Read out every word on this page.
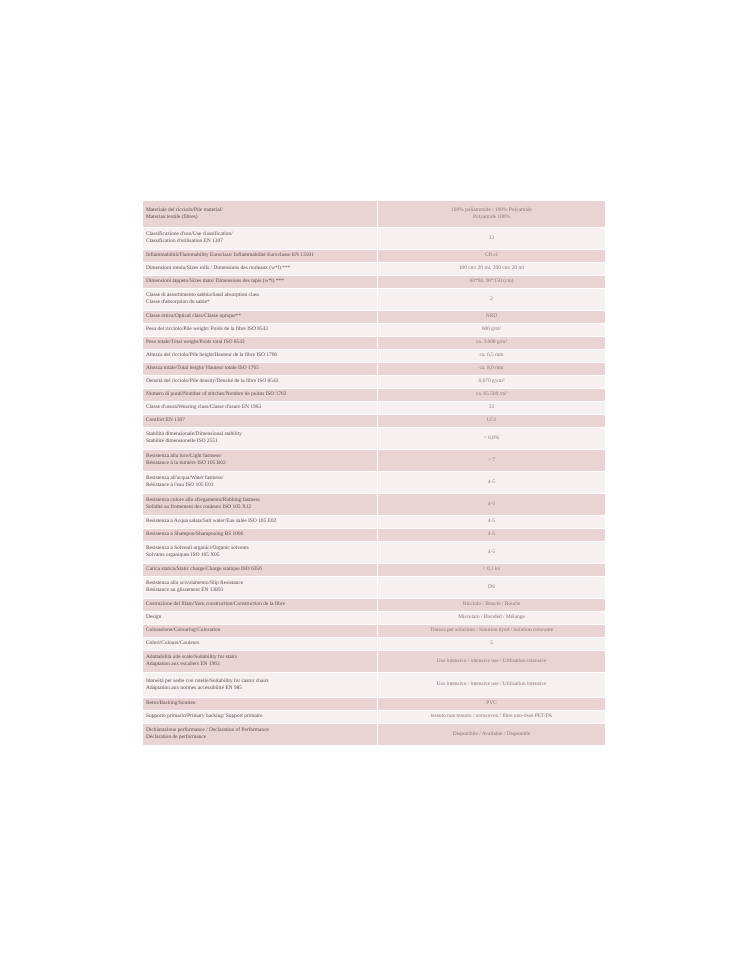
Materiale del ricciolo/Pile material/
Materiau textile (fibres)	100% poliammide / 100% Polyamide
Polyamide 100%

Classificazione d'uso/Use classification/
Classification d'utilisation EN 1307	33

Infiammabilità/Flammability Euroclass/ Inflammabilité Euroclasse EN 13501	Cfl s1

Dimensioni rotolo/Sizes rolls / Dimensions des rouleaux (w*l) ***	100 cm/ 20 ml, 200 cm/ 20 ml

Dimensioni tappeto/Sizes mats/ Dimensions des tapis (w*l) ***	60*90, 90*150 (cm)

Classe di assorbimento sabbia/Sand absorption class
Classe d'absorption du sable*	2

Classe ottica/Optical class/Classe optique**	NRD

Peso del ricciolo/Pile weight/ Poids de la fibre ISO 8543	600 g/m²

Peso totale/Total weight/Poids total ISO 8543	ca. 3.000 g/m²

Altezza del ricciolo/Pile height/Hauteur de la fibre ISO 1766	ca. 6,5 mm

Altezza totale/Total height/ Hauteur totale ISO 1765	ca. 8,0 mm

Densità del ricciolo/Pile density/Densité de la fibre ISO 8543	0,070 g/cm³

Numero di punti/Number of stitches/Nombre de points ISO 1763	ca. 65.500 /m²

Classe d'usura/Wearing class/Classe d'usure EN 1963	33

Comfort EN 1307	LC1

Stabilità dimensionale/Dimensional stability
Stabilité dimensionelle ISO 2551	< 0,8%

Resistenza alla luce/Light fastness/
Résistance à la lumière ISO 105 B02	> 7

Resistenza all'acqua/Water fastness/
Résistance à l'eau ISO 105 E01	4-5

Resistenza colore allo sfregamento/Rubbing fastness
Solidité au frottement des couleurs ISO 105 X12	4-5

Resistenza a Acqua salata/Salt water/Eau salée ISO 105 E02	4-5

Resistenza a Shampoo/Shampooing BS 1006	4-5

Resistenza a Solventi organici/Organic solvents
Solvants organiques ISO 105 X05	4-5

Carica statica/Static charge/Charge statique ISO 6356	< 0,1 kv

Resistenza allo scivolamento/Slip Resistance
Résistance au glissement EN 13893	DS

Costruzione del filato/Yarn construction/Construction de la fibre	Ricciolo / Bouclé / Boucle

Design	Miscelato / Blended / Mélange

Colorazione/Colouring/Coloration	Tintura per soluzioni / Solution dyed / Solution colorante

Colori/Colours/Couleurs	5

Adattabilità alle scale/Suitability for stairs
Adaptation aux escaliers EN 1963	Uso intensivo / intensive use / Utilisation intensive

Idoneità per sedie con rotelle/Suitability for castor chairs
Adaptation aux normes accessibilité EN 985	Uso intensivo / intensive use / Utilisation intensive

Retro/Backing/Soutien	PVC

Supporto primario/Primary backing/ Support primaire	tessuto non tessuto / nonwoven / fibre non-tissé PET/PA

Dichiarazione performance / Declaration of Performance
Déclaration de performance	Disponibile / Available / Disponible
